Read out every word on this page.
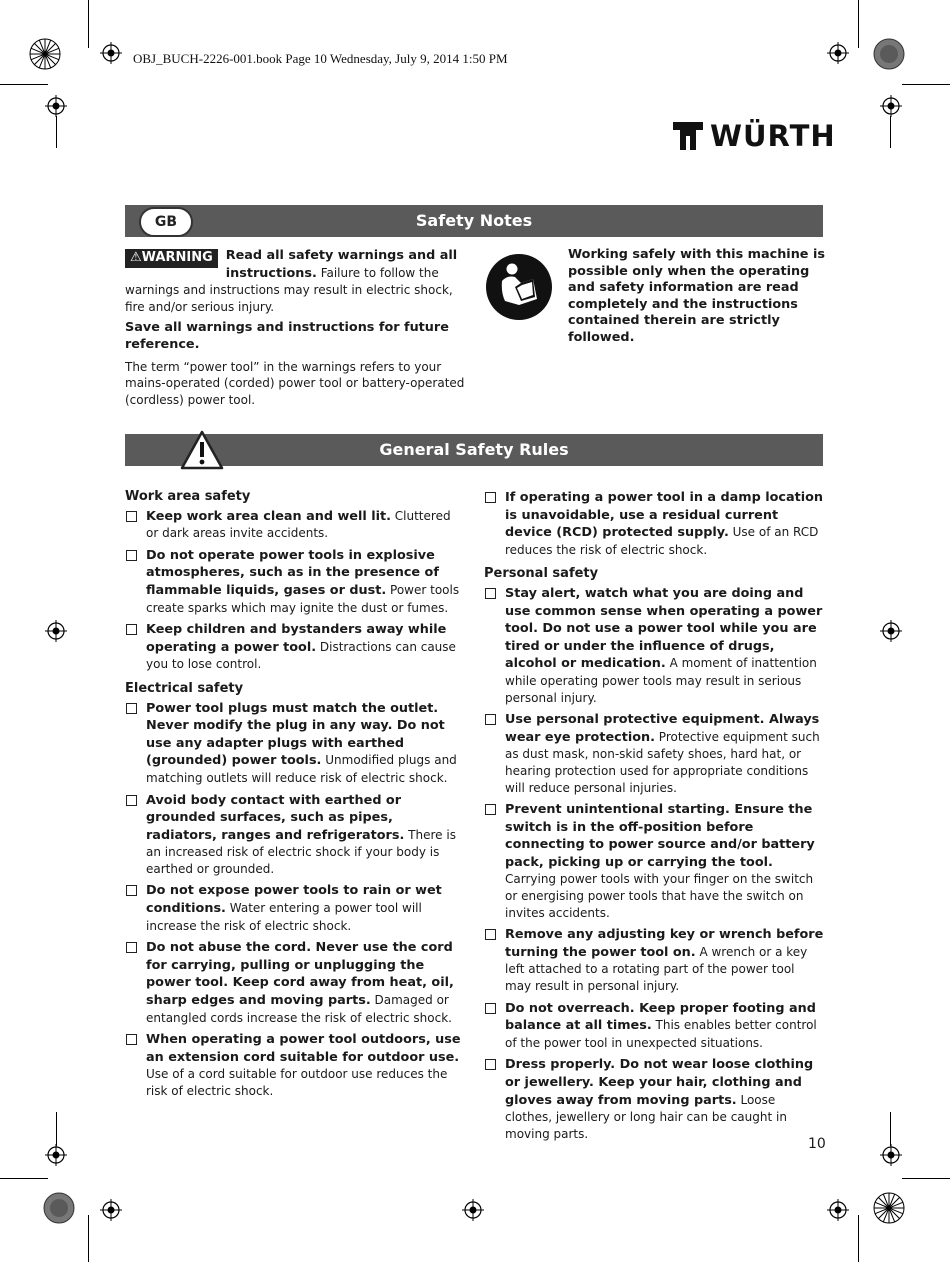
OBJ_BUCH-2226-001.book Page 10 Wednesday, July 9, 2014 1:50 PM
WÜRTH
GB	Safety Notes

⚠WARNING	Read all safety warnings and all instructions. Failure to follow the warnings and instructions may result in electric shock, fire and/or serious injury.

Save all warnings and instructions for future reference.

The term “power tool” in the warnings refers to your mains-operated (corded) power tool or battery-operated (cordless) power tool.

Working safely with this machine is possible only when the operating and safety information are read completely and the instructions contained therein are strictly followed.

General Safety Rules
Work area safety
Keep work area clean and well lit. Cluttered or dark areas invite accidents.
Do not operate power tools in explosive atmospheres, such as in the presence of flammable liquids, gases or dust. Power tools create sparks which may ignite the dust or fumes.
Keep children and bystanders away while operating a power tool. Distractions can cause you to lose control.
Electrical safety
Power tool plugs must match the outlet. Never modify the plug in any way. Do not use any adapter plugs with earthed (grounded) power tools. Unmodified plugs and matching outlets will reduce risk of electric shock.
Avoid body contact with earthed or grounded surfaces, such as pipes, radiators, ranges and refrigerators. There is an increased risk of electric shock if your body is earthed or grounded.
Do not expose power tools to rain or wet conditions. Water entering a power tool will increase the risk of electric shock.
Do not abuse the cord. Never use the cord for carrying, pulling or unplugging the power tool. Keep cord away from heat, oil, sharp edges and moving parts. Damaged or entangled cords increase the risk of electric shock.
When operating a power tool outdoors, use an extension cord suitable for outdoor use. Use of a cord suitable for outdoor use reduces the risk of electric shock.
If operating a power tool in a damp location is unavoidable, use a residual current device (RCD) protected supply. Use of an RCD reduces the risk of electric shock.
Personal safety
Stay alert, watch what you are doing and use common sense when operating a power tool. Do not use a power tool while you are tired or under the influence of drugs, alcohol or medication. A moment of inattention while operating power tools may result in serious personal injury.
Use personal protective equipment. Always wear eye protection. Protective equipment such as dust mask, non-skid safety shoes, hard hat, or hearing protection used for appropriate conditions will reduce personal injuries.
Prevent unintentional starting. Ensure the switch is in the off-position before connecting to power source and/or battery pack, picking up or carrying the tool. Carrying power tools with your finger on the switch or energising power tools that have the switch on invites accidents.
Remove any adjusting key or wrench before turning the power tool on. A wrench or a key left attached to a rotating part of the power tool may result in personal injury.
Do not overreach. Keep proper footing and balance at all times. This enables better control of the power tool in unexpected situations.
Dress properly. Do not wear loose clothing or jewellery. Keep your hair, clothing and gloves away from moving parts. Loose clothes, jewellery or long hair can be caught in moving parts.
10
